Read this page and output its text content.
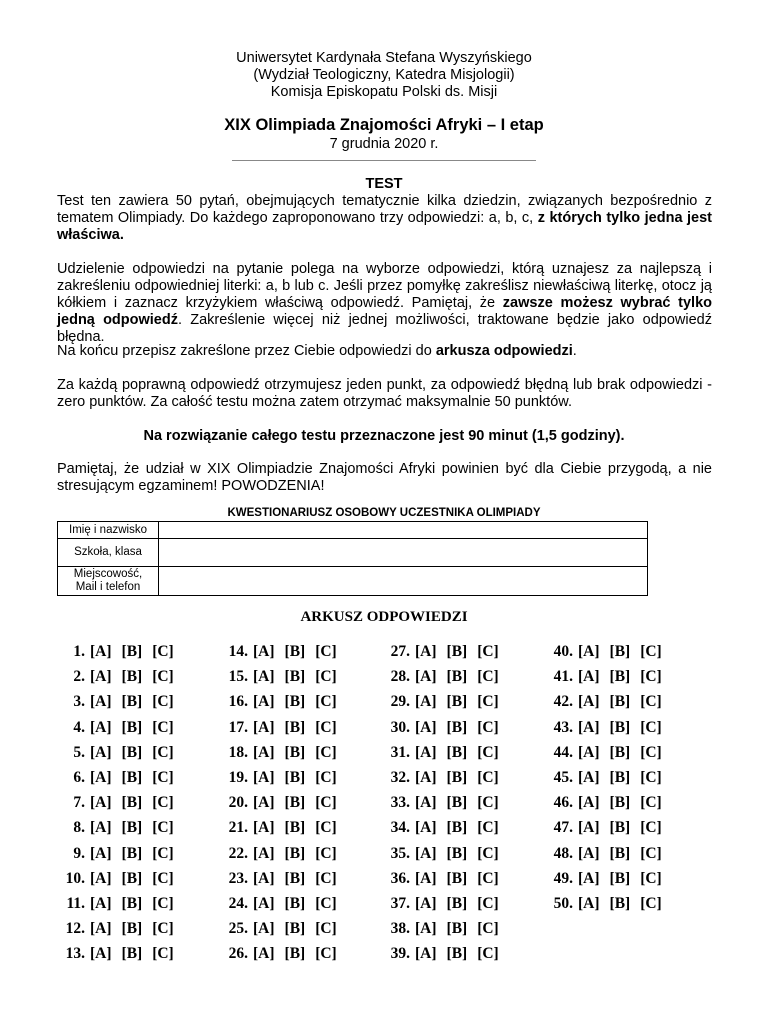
Uniwersytet Kardynała Stefana Wyszyńskiego
(Wydział Teologiczny, Katedra Misjologii)
Komisja Episkopatu Polski ds. Misji
XIX Olimpiada Znajomości Afryki – I etap
7 grudnia 2020 r.
TEST
Test ten zawiera 50 pytań, obejmujących tematycznie kilka dziedzin, związanych bezpośrednio z tematem Olimpiady. Do każdego zaproponowano trzy odpowiedzi: a, b, c, z których tylko jedna jest właściwa.
Udzielenie odpowiedzi na pytanie polega na wyborze odpowiedzi, którą uznajesz za najlepszą i zakreśleniu odpowiedniej literki: a, b lub c. Jeśli przez pomyłkę zakreślisz niewłaściwą literkę, otocz ją kółkiem i zaznacz krzyżykiem właściwą odpowiedź. Pamiętaj, że zawsze możesz wybrać tylko jedną odpowiedź. Zakreślenie więcej niż jednej możliwości, traktowane będzie jako odpowiedź błędna.
Na końcu przepisz zakreślone przez Ciebie odpowiedzi do arkusza odpowiedzi.
Za każdą poprawną odpowiedź otrzymujesz jeden punkt, za odpowiedź błędną lub brak odpowiedzi - zero punktów. Za całość testu można zatem otrzymać maksymalnie 50 punktów.
Na rozwiązanie całego testu przeznaczone jest 90 minut (1,5 godziny).
Pamiętaj, że udział w XIX Olimpiadzie Znajomości Afryki powinien być dla Ciebie przygodą, a nie stresującym egzaminem! POWODZENIA!
KWESTIONARIUSZ OSOBOWY UCZESTNIKA OLIMPIADY
Imię i nazwisko	
Szkoła, klasa	
Miejscowość,
Mail i telefon	
ARKUSZ ODPOWIEDZI
1. [A] [B] [C]
2. [A] [B] [C]
3. [A] [B] [C]
4. [A] [B] [C]
5. [A] [B] [C]
6. [A] [B] [C]
7. [A] [B] [C]
8. [A] [B] [C]
9. [A] [B] [C]
10. [A] [B] [C]
11. [A] [B] [C]
12. [A] [B] [C]
13. [A] [B] [C]
14. [A] [B] [C]
15. [A] [B] [C]
16. [A] [B] [C]
17. [A] [B] [C]
18. [A] [B] [C]
19. [A] [B] [C]
20. [A] [B] [C]
21. [A] [B] [C]
22. [A] [B] [C]
23. [A] [B] [C]
24. [A] [B] [C]
25. [A] [B] [C]
26. [A] [B] [C]
27. [A] [B] [C]
28. [A] [B] [C]
29. [A] [B] [C]
30. [A] [B] [C]
31. [A] [B] [C]
32. [A] [B] [C]
33. [A] [B] [C]
34. [A] [B] [C]
35. [A] [B] [C]
36. [A] [B] [C]
37. [A] [B] [C]
38. [A] [B] [C]
39. [A] [B] [C]
40. [A] [B] [C]
41. [A] [B] [C]
42. [A] [B] [C]
43. [A] [B] [C]
44. [A] [B] [C]
45. [A] [B] [C]
46. [A] [B] [C]
47. [A] [B] [C]
48. [A] [B] [C]
49. [A] [B] [C]
50. [A] [B] [C]
